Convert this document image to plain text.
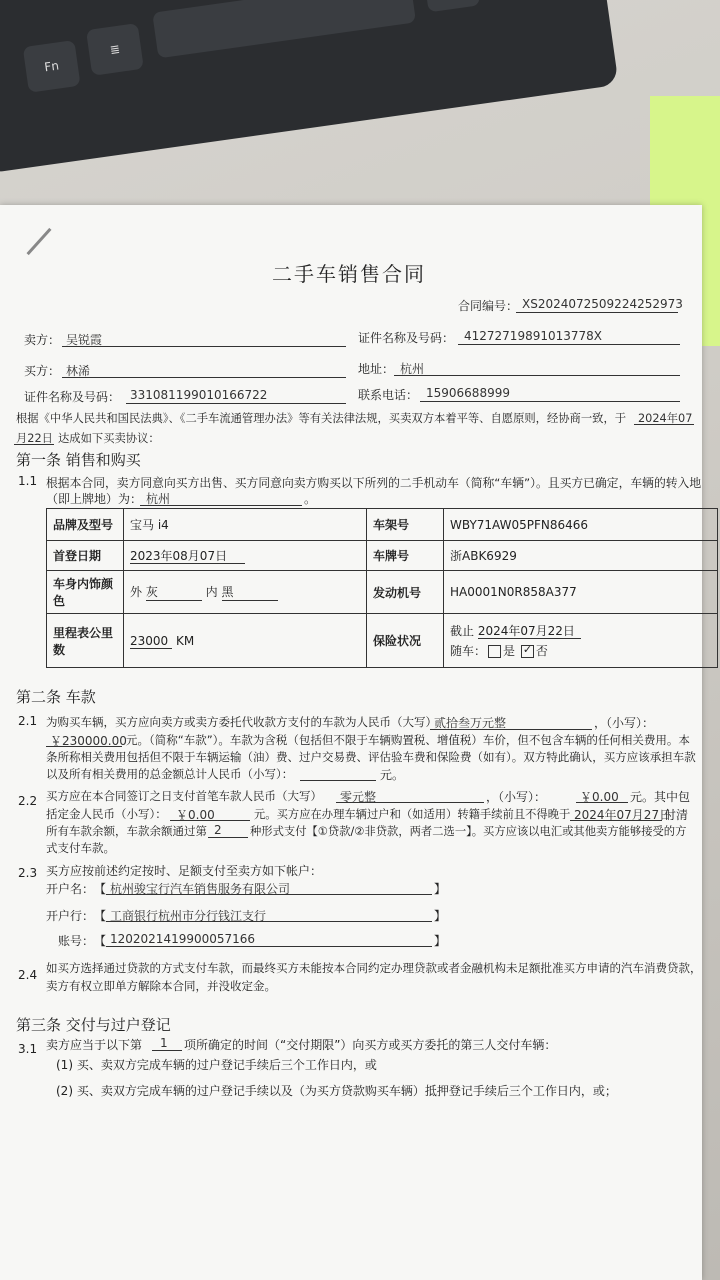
Fn
≣
二手车销售合同
合同编号： XS2024072509224252973
卖方： 吴锐霞	证件名称及号码： 41272719891013778X
买方： 林浠	地址： 杭州
证件名称及号码： 331081199010166722	联系电话： 15906688999
根据《中华人民共和国民法典》、《二手车流通管理办法》等有关法律法规，买卖双方本着平等、自愿原则，经协商一致，于 2024年07
月22日 达成如下买卖协议：
第一条 销售和购买
1.1 根据本合同，卖方同意向买方出售、买方同意向卖方购买以下所列的二手机动车（简称“车辆”）。且买方已确定，车辆的转入地
（即上牌地）为： 杭州	。
品牌及型号	宝马 i4	车架号	WBY71AW05PFN86466
首登日期	2023年08月07日	车牌号	浙ABK6929
车身内饰颜色	外 灰 内 黑	发动机号	HA0001N0R858A377
里程表公里数	23000 KM	保险状况	截止 2024年07月22日
随车： 是 ✓ 否
第二条 车款
2.1 为购买车辆，买方应向卖方或卖方委托代收款方支付的车款为人民币（大写）
贰拾叁万元整	，（小写）：
￥230000.00 元。（简称“车款”）。车款为含税（包括但不限于车辆购置税、增值税）车价，但不包含车辆的任何相关费用。本
条所称相关费用包括但不限于车辆运输（油）费、过户交易费、评估验车费和保险费（如有）。双方特此确认，买方应该承担车款
以及所有相关费用的总金额总计人民币（小写）：	元。
2.2 买方应在本合同签订之日支付首笔车款人民币（大写） 零元整	，（小写）：	￥0.00 元。其中包
括定金人民币（小写）： ￥0.00	元。买方应在办理车辆过户和（如适用）转籍手续前且不得晚于 2024年07月27日
付清
所有车款余额，车款余额通过第 2	种形式支付【①贷款/②非贷款，两者二选一】。买方应该以电汇或其他卖方能够接受的方
式支付车款。
2.3 买方应按前述约定按时、足额支付至卖方如下帐户：
开户名： 【 杭州骏宝行汽车销售服务有限公司	】
开户行： 【 工商银行杭州市分行钱江支行	】
账号： 【 1202021419900057166	】
2.4 如买方选择通过贷款的方式支付车款，而最终买方未能按本合同约定办理贷款或者金融机构未足额批准买方申请的汽车消费贷款，
卖方有权立即单方解除本合同，并没收定金。
第三条 交付与过户登记
3.1 卖方应当于以下第 1 项所确定的时间（“交付期限”）向买方或买方委托的第三人交付车辆：
(1) 买、卖双方完成车辆的过户登记手续后三个工作日内，或
(2) 买、卖双方完成车辆的过户登记手续以及（为买方贷款购买车辆）抵押登记手续后三个工作日内，或；
